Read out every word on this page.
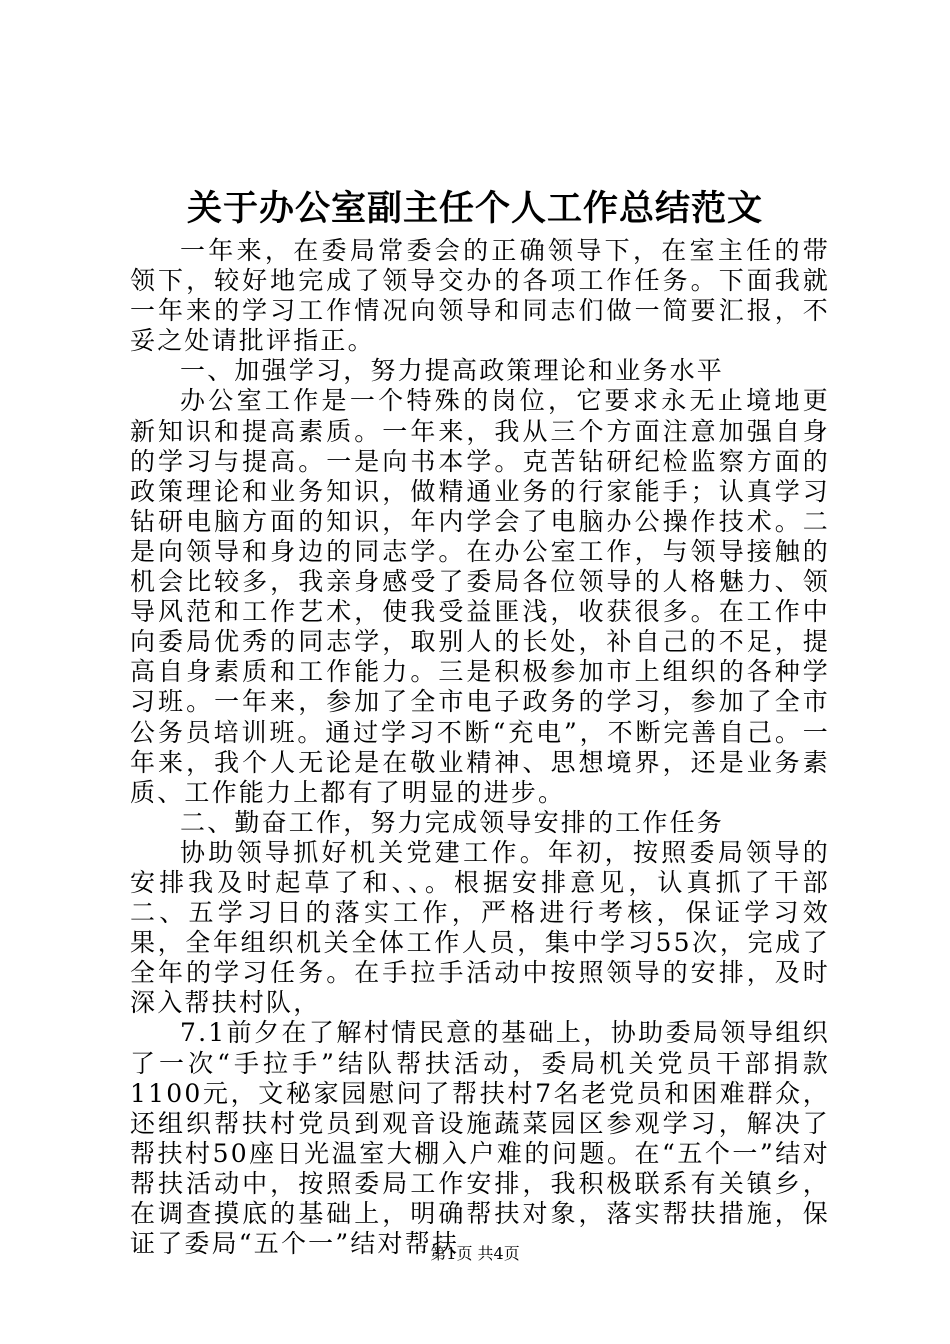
关于办公室副主任个人工作总结范文

一年来，在委局常委会的正确领导下，在室主任的带领下，较好地完成了领导交办的各项工作任务。下面我就一年来的学习工作情况向领导和同志们做一简要汇报，不妥之处请批评指正。

一、加强学习，努力提高政策理论和业务水平

办公室工作是一个特殊的岗位，它要求永无止境地更新知识和提高素质。一年来，我从三个方面注意加强自身的学习与提高。一是向书本学。克苦钻研纪检监察方面的政策理论和业务知识，做精通业务的行家能手；认真学习钻研电脑方面的知识，年内学会了电脑办公操作技术。二是向领导和身边的同志学。在办公室工作，与领导接触的机会比较多，我亲身感受了委局各位领导的人格魅力、领导风范和工作艺术，使我受益匪浅，收获很多。在工作中向委局优秀的同志学，取别人的长处，补自己的不足，提高自身素质和工作能力。三是积极参加市上组织的各种学习班。一年来，参加了全市电子政务的学习，参加了全市公务员培训班。通过学习不断“充电”，不断完善自己。一年来，我个人无论是在敬业精神、思想境界，还是业务素质、工作能力上都有了明显的进步。

二、勤奋工作，努力完成领导安排的工作任务

协助领导抓好机关党建工作。年初，按照委局领导的安排我及时起草了和、、。根据安排意见，认真抓了干部二、五学习日的落实工作，严格进行考核，保证学习效果，全年组织机关全体工作人员，集中学习55次，完成了全年的学习任务。在手拉手活动中按照领导的安排，及时深入帮扶村队，

7.1前夕在了解村情民意的基础上，协助委局领导组织了一次“手拉手”结队帮扶活动，委局机关党员干部捐款1100元，文秘家园慰问了帮扶村7名老党员和困难群众，还组织帮扶村党员到观音设施蔬菜园区参观学习，解决了帮扶村50座日光温室大棚入户难的问题。在“五个一”结对帮扶活动中，按照委局工作安排，我积极联系有关镇乡，在调查摸底的基础上，明确帮扶对象，落实帮扶措施，保证了委局“五个一”结对帮扶

第1页 共4页
